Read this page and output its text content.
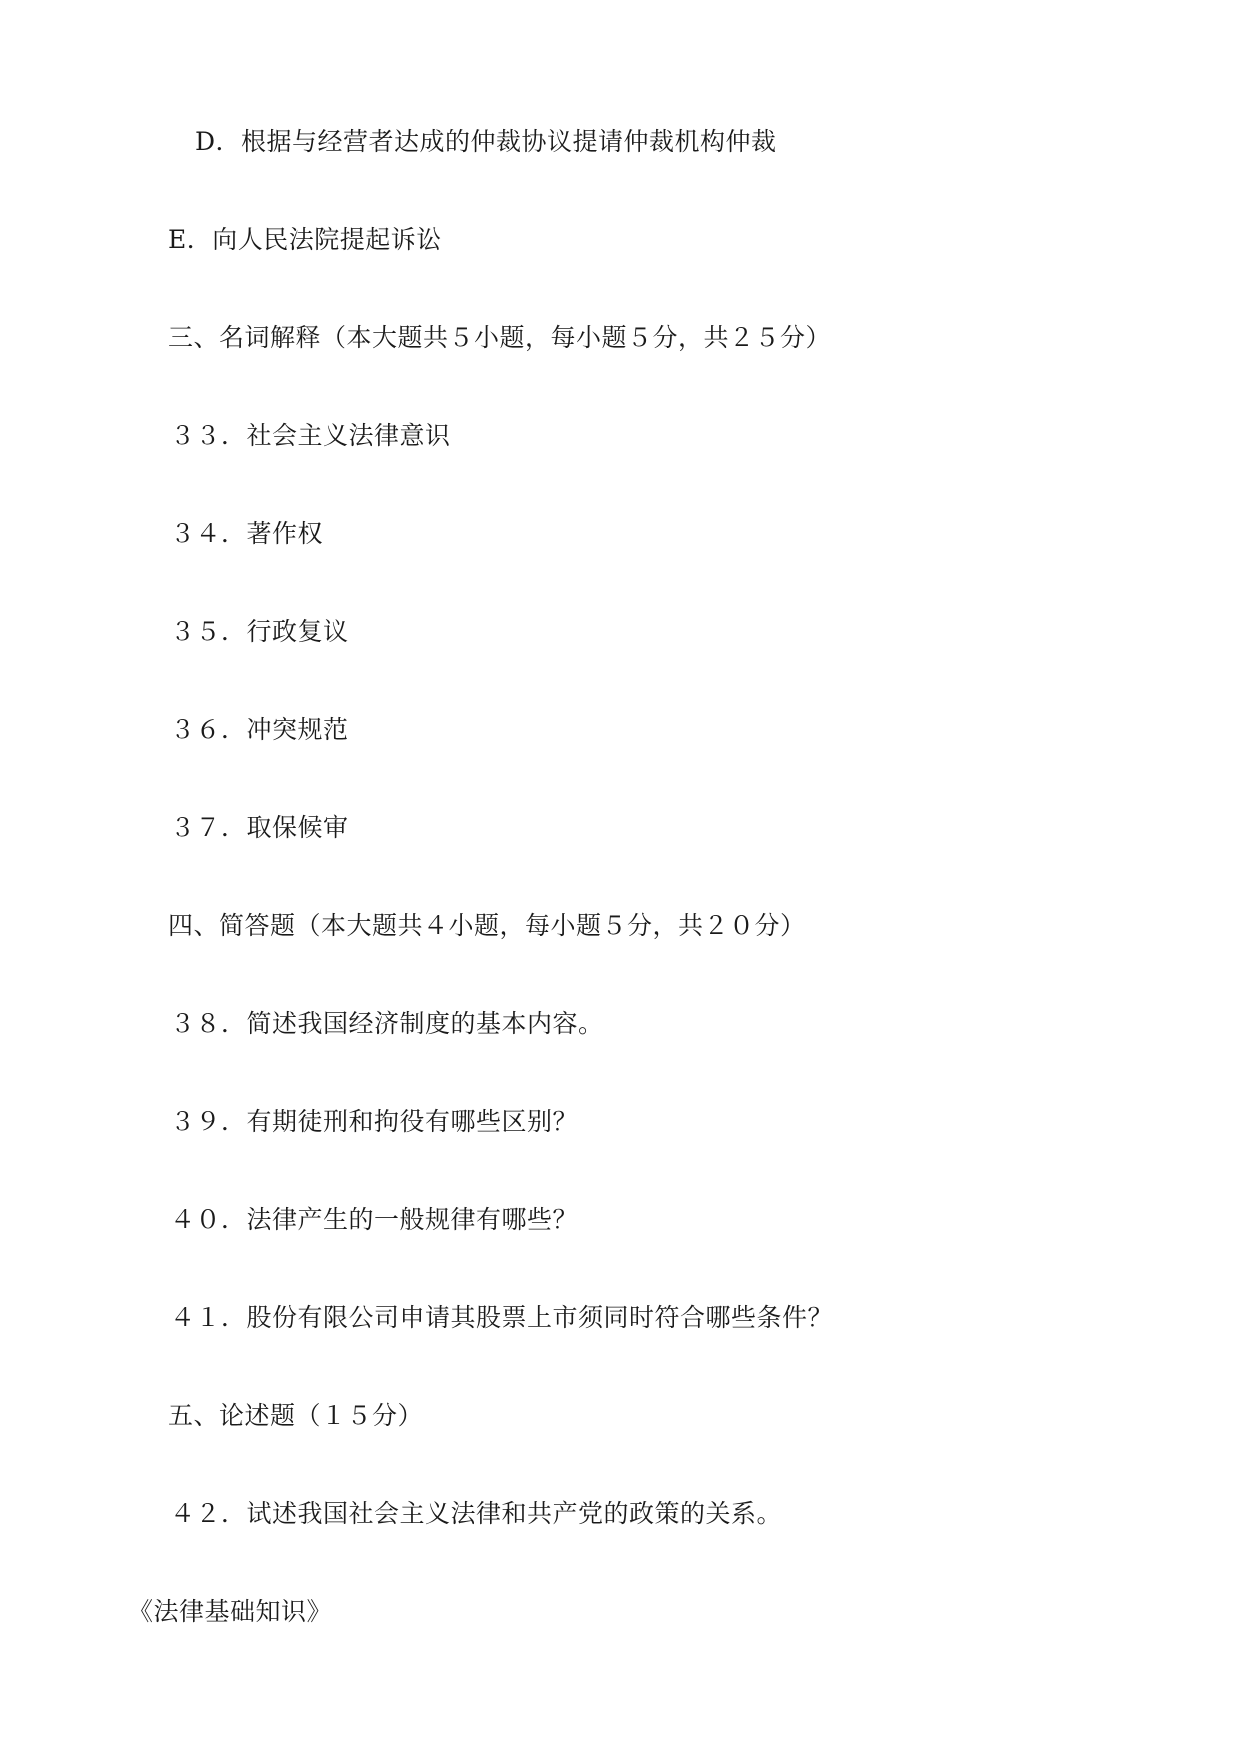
D．根据与经营者达成的仲裁协议提请仲裁机构仲裁
E．向人民法院提起诉讼
三、名词解释（本大题共５小题，每小题５分，共２５分）
３３．社会主义法律意识
３４．著作权
３５．行政复议
３６．冲突规范
３７．取保候审
四、简答题（本大题共４小题，每小题５分，共２０分）
３８．简述我国经济制度的基本内容。
３９．有期徒刑和拘役有哪些区别？
４０．法律产生的一般规律有哪些？
４１．股份有限公司申请其股票上市须同时符合哪些条件？
五、论述题（１５分）
４２．试述我国社会主义法律和共产党的政策的关系。
《法律基础知识》
